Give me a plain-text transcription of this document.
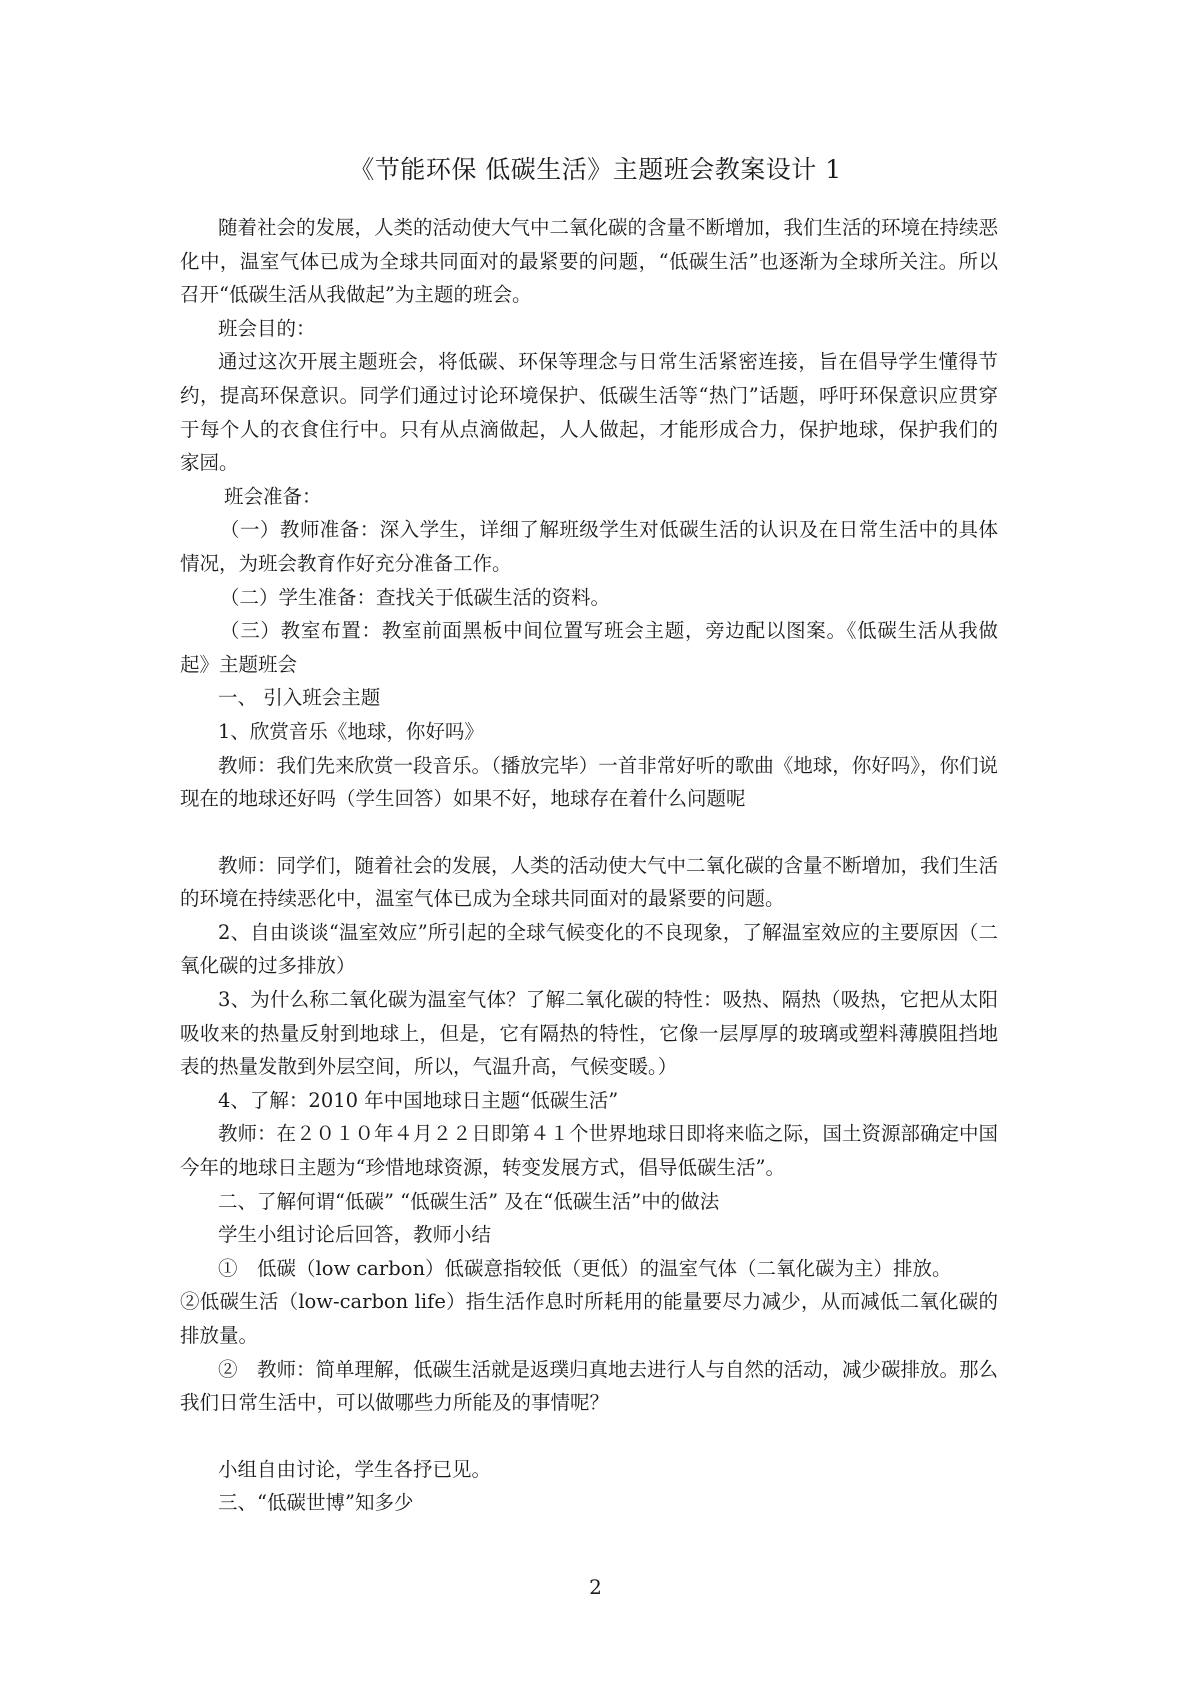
《节能环保 低碳生活》主题班会教案设计 1

随着社会的发展，人类的活动使大气中二氧化碳的含量不断增加，我们生活的环境在持续恶化中，温室气体已成为全球共同面对的最紧要的问题，“低碳生活”也逐渐为全球所关注。所以召开“低碳生活从我做起”为主题的班会。

班会目的：

通过这次开展主题班会，将低碳、环保等理念与日常生活紧密连接，旨在倡导学生懂得节约，提高环保意识。同学们通过讨论环境保护、低碳生活等“热门”话题，呼吁环保意识应贯穿于每个人的衣食住行中。只有从点滴做起，人人做起，才能形成合力，保护地球，保护我们的家园。

班会准备：

（一）教师准备：深入学生，详细了解班级学生对低碳生活的认识及在日常生活中的具体情况，为班会教育作好充分准备工作。

（二）学生准备：查找关于低碳生活的资料。

（三）教室布置：教室前面黑板中间位置写班会主题，旁边配以图案。《低碳生活从我做起》主题班会

一、 引入班会主题

1、欣赏音乐《地球，你好吗》

教师：我们先来欣赏一段音乐。（播放完毕）一首非常好听的歌曲《地球，你好吗》，你们说现在的地球还好吗（学生回答）如果不好，地球存在着什么问题呢

教师：同学们，随着社会的发展，人类的活动使大气中二氧化碳的含量不断增加，我们生活的环境在持续恶化中，温室气体已成为全球共同面对的最紧要的问题。

2、自由谈谈“温室效应”所引起的全球气候变化的不良现象，了解温室效应的主要原因（二氧化碳的过多排放）

3、为什么称二氧化碳为温室气体？了解二氧化碳的特性：吸热、隔热（吸热，它把从太阳吸收来的热量反射到地球上，但是，它有隔热的特性，它像一层厚厚的玻璃或塑料薄膜阻挡地表的热量发散到外层空间，所以，气温升高，气候变暖。）

4、了解：2010 年中国地球日主题“低碳生活”

教师：在２０１０年４月２２日即第４１个世界地球日即将来临之际，国土资源部确定中国今年的地球日主题为“珍惜地球资源，转变发展方式，倡导低碳生活”。

二、了解何谓“低碳” “低碳生活” 及在“低碳生活”中的做法

学生小组讨论后回答，教师小结

①　低碳（low carbon）低碳意指较低（更低）的温室气体（二氧化碳为主）排放。

②低碳生活（low-carbon life）指生活作息时所耗用的能量要尽力减少，从而减低二氧化碳的排放量。

②　教师：简单理解，低碳生活就是返璞归真地去进行人与自然的活动，减少碳排放。那么我们日常生活中，可以做哪些力所能及的事情呢？

小组自由讨论，学生各抒已见。

三、“低碳世博”知多少

2
